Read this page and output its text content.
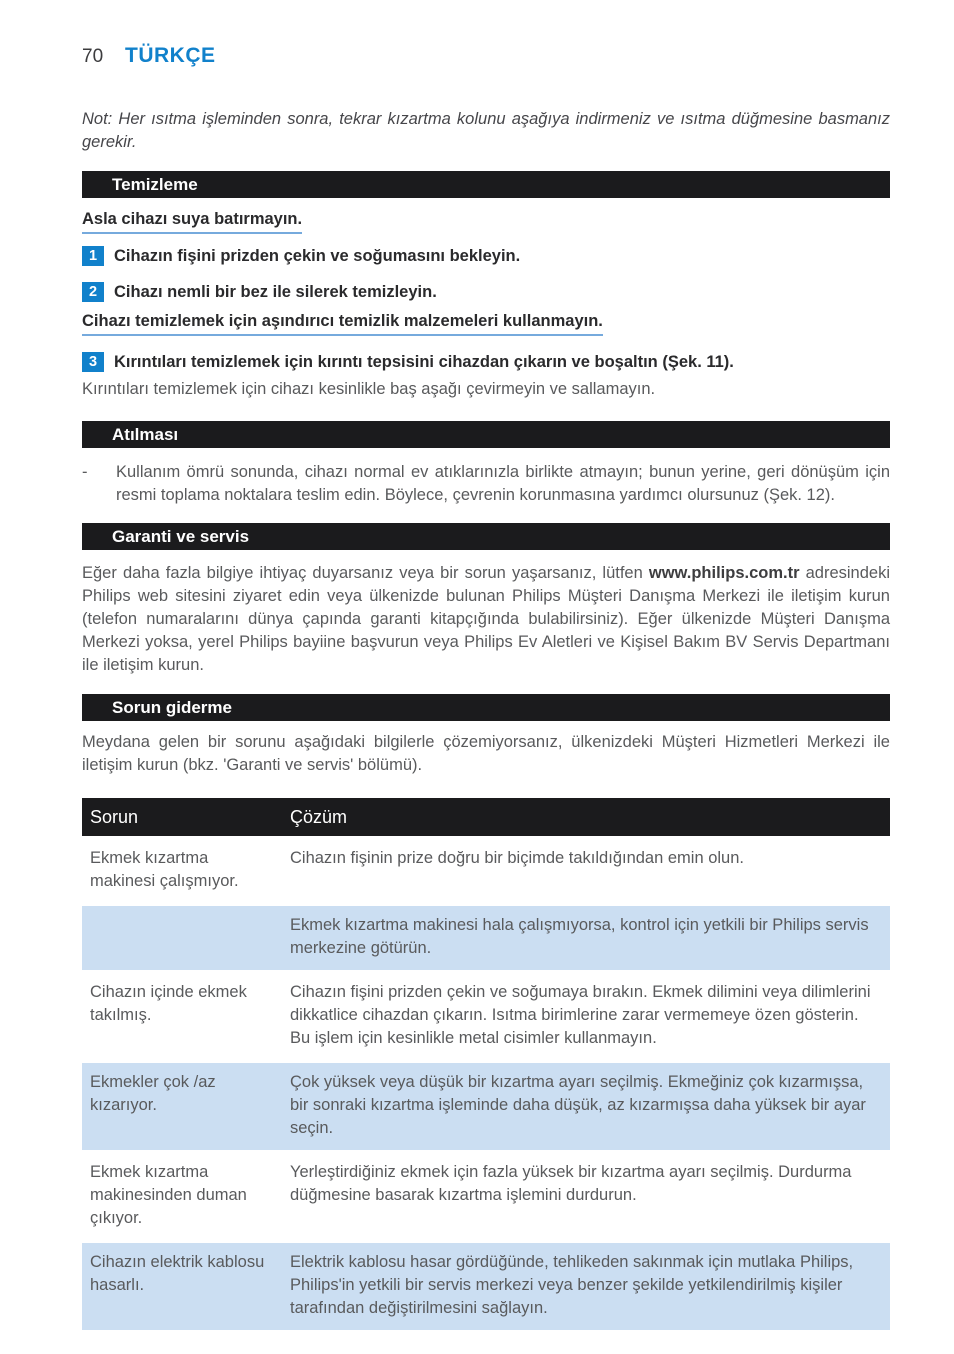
70	TÜRKÇE

Not: Her ısıtma işleminden sonra, tekrar kızartma kolunu aşağıya indirmeniz ve ısıtma düğmesine basmanız gerekir.

Temizleme
Asla cihazı suya batırmayın.
1	Cihazın fişini prizden çekin ve soğumasını bekleyin.
2	Cihazı nemli bir bez ile silerek temizleyin.
Cihazı temizlemek için aşındırıcı temizlik malzemeleri kullanmayın.
3	Kırıntıları temizlemek için kırıntı tepsisini cihazdan çıkarın ve boşaltın (Şek. 11).
Kırıntıları temizlemek için cihazı kesinlikle baş aşağı çevirmeyin ve sallamayın.
Atılması
-	Kullanım ömrü sonunda, cihazı normal ev atıklarınızla birlikte atmayın; bunun yerine, geri dönüşüm için resmi toplama noktalara teslim edin. Böylece, çevrenin korunmasına yardımcı olursunuz (Şek. 12).
Garanti ve servis

Eğer daha fazla bilgiye ihtiyaç duyarsanız veya bir sorun yaşarsanız, lütfen www.philips.com.tr adresindeki Philips web sitesini ziyaret edin veya ülkenizde bulunan Philips Müşteri Danışma Merkezi ile iletişim kurun (telefon numaralarını dünya çapında garanti kitapçığında bulabilirsiniz). Eğer ülkenizde Müşteri Danışma Merkezi yoksa, yerel Philips bayiine başvurun veya Philips Ev Aletleri ve Kişisel Bakım BV Servis Departmanı ile iletişim kurun.

Sorun giderme

Meydana gelen bir sorunu aşağıdaki bilgilerle çözemiyorsanız, ülkenizdeki Müşteri Hizmetleri Merkezi ile iletişim kurun (bkz. 'Garanti ve servis' bölümü).

Sorun	Çözüm
Ekmek kızartma makinesi çalışmıyor.	Cihazın fişinin prize doğru bir biçimde takıldığından emin olun.
	Ekmek kızartma makinesi hala çalışmıyorsa, kontrol için yetkili bir Philips servis merkezine götürün.
Cihazın içinde ekmek takılmış.	Cihazın fişini prizden çekin ve soğumaya bırakın. Ekmek dilimini veya dilimlerini dikkatlice cihazdan çıkarın. Isıtma birimlerine zarar vermemeye özen gösterin. Bu işlem için kesinlikle metal cisimler kullanmayın.
Ekmekler çok /az kızarıyor.	Çok yüksek veya düşük bir kızartma ayarı seçilmiş. Ekmeğiniz çok kızarmışsa, bir sonraki kızartma işleminde daha düşük, az kızarmışsa daha yüksek bir ayar seçin.
Ekmek kızartma makinesinden duman çıkıyor.	Yerleştirdiğiniz ekmek için fazla yüksek bir kızartma ayarı seçilmiş. Durdurma düğmesine basarak kızartma işlemini durdurun.
Cihazın elektrik kablosu hasarlı.	Elektrik kablosu hasar gördüğünde, tehlikeden sakınmak için mutlaka Philips, Philips'in yetkili bir servis merkezi veya benzer şekilde yetkilendirilmiş kişiler tarafından değiştirilmesini sağlayın.
